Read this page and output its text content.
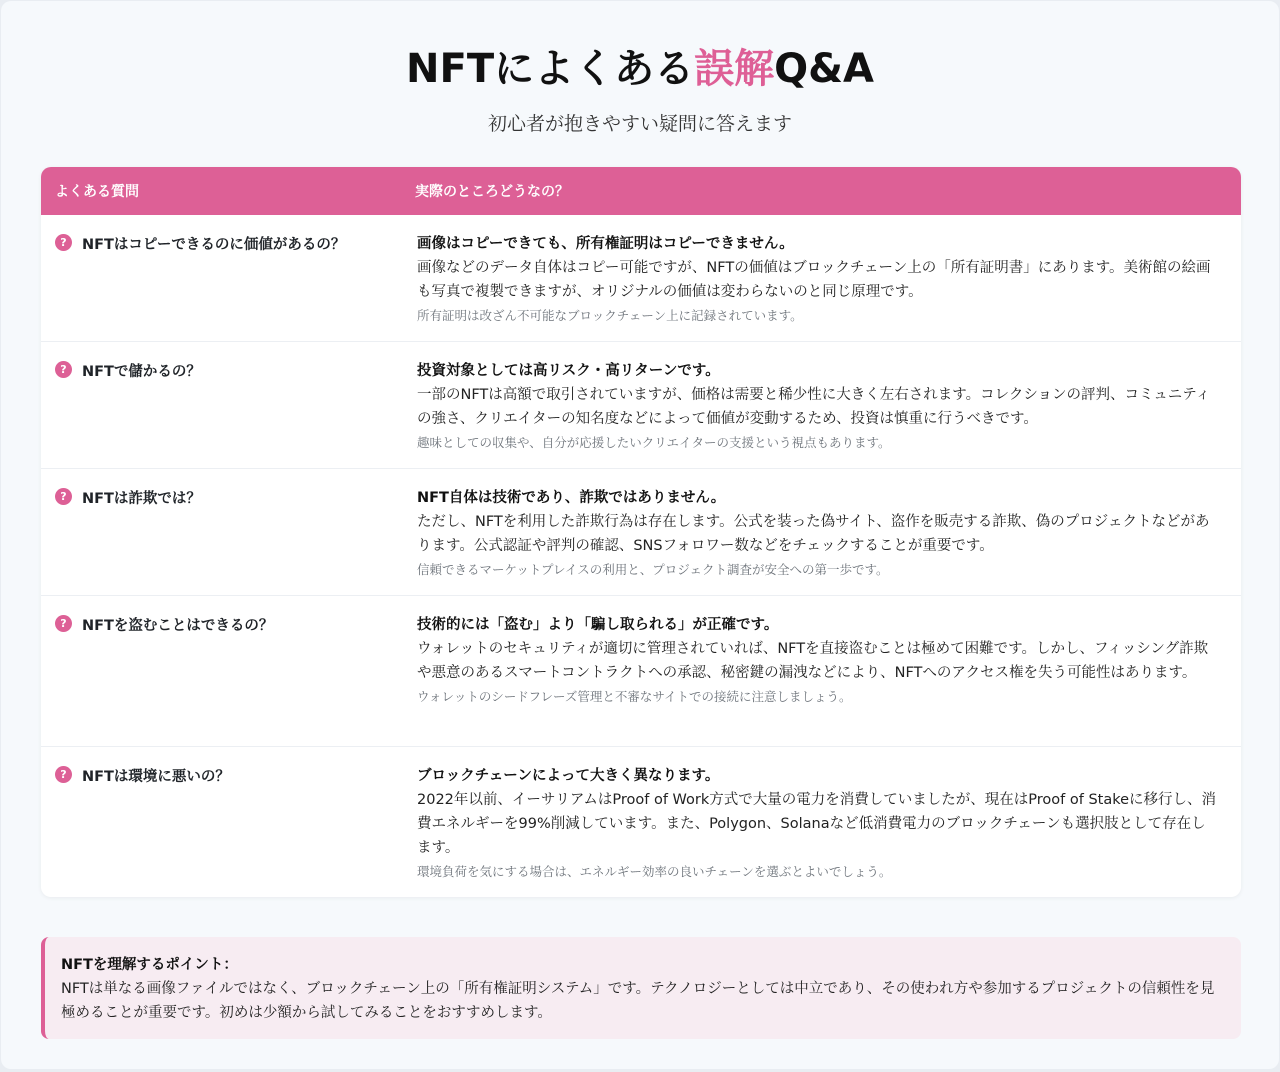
NFTによくある誤解Q&A
初心者が抱きやすい疑問に答えます
よくある質問	実際のところどうなの？
?	NFTはコピーできるのに価値があるの？	画像はコピーできても、所有権証明はコピーできません。
画像などのデータ自体はコピー可能ですが、NFTの価値はブロックチェーン上の「所有証明書」にあります。美術館の絵画も写真で複製できますが、オリジナルの価値は変わらないのと同じ原理です。
所有証明は改ざん不可能なブロックチェーン上に記録されています。
?	NFTで儲かるの？	投資対象としては高リスク・高リターンです。
一部のNFTは高額で取引されていますが、価格は需要と稀少性に大きく左右されます。コレクションの評判、コミュニティの強さ、クリエイターの知名度などによって価値が変動するため、投資は慎重に行うべきです。
趣味としての収集や、自分が応援したいクリエイターの支援という視点もあります。
?	NFTは詐欺では？	NFT自体は技術であり、詐欺ではありません。
ただし、NFTを利用した詐欺行為は存在します。公式を装った偽サイト、盗作を販売する詐欺、偽のプロジェクトなどがあります。公式認証や評判の確認、SNSフォロワー数などをチェックすることが重要です。
信頼できるマーケットプレイスの利用と、プロジェクト調査が安全への第一歩です。
?	NFTを盗むことはできるの？	技術的には「盗む」より「騙し取られる」が正確です。
ウォレットのセキュリティが適切に管理されていれば、NFTを直接盗むことは極めて困難です。しかし、フィッシング詐欺や悪意のあるスマートコントラクトへの承認、秘密鍵の漏洩などにより、NFTへのアクセス権を失う可能性はあります。
ウォレットのシードフレーズ管理と不審なサイトでの接続に注意しましょう。
?	NFTは環境に悪いの？	ブロックチェーンによって大きく異なります。
2022年以前、イーサリアムはProof of Work方式で大量の電力を消費していましたが、現在はProof of Stakeに移行し、消費エネルギーを99%削減しています。また、Polygon、Solanaなど低消費電力のブロックチェーンも選択肢として存在します。
環境負荷を気にする場合は、エネルギー効率の良いチェーンを選ぶとよいでしょう。
NFTを理解するポイント：
NFTは単なる画像ファイルではなく、ブロックチェーン上の「所有権証明システム」です。テクノロジーとしては中立であり、その使われ方や参加するプロジェクトの信頼性を見極めることが重要です。初めは少額から試してみることをおすすめします。
